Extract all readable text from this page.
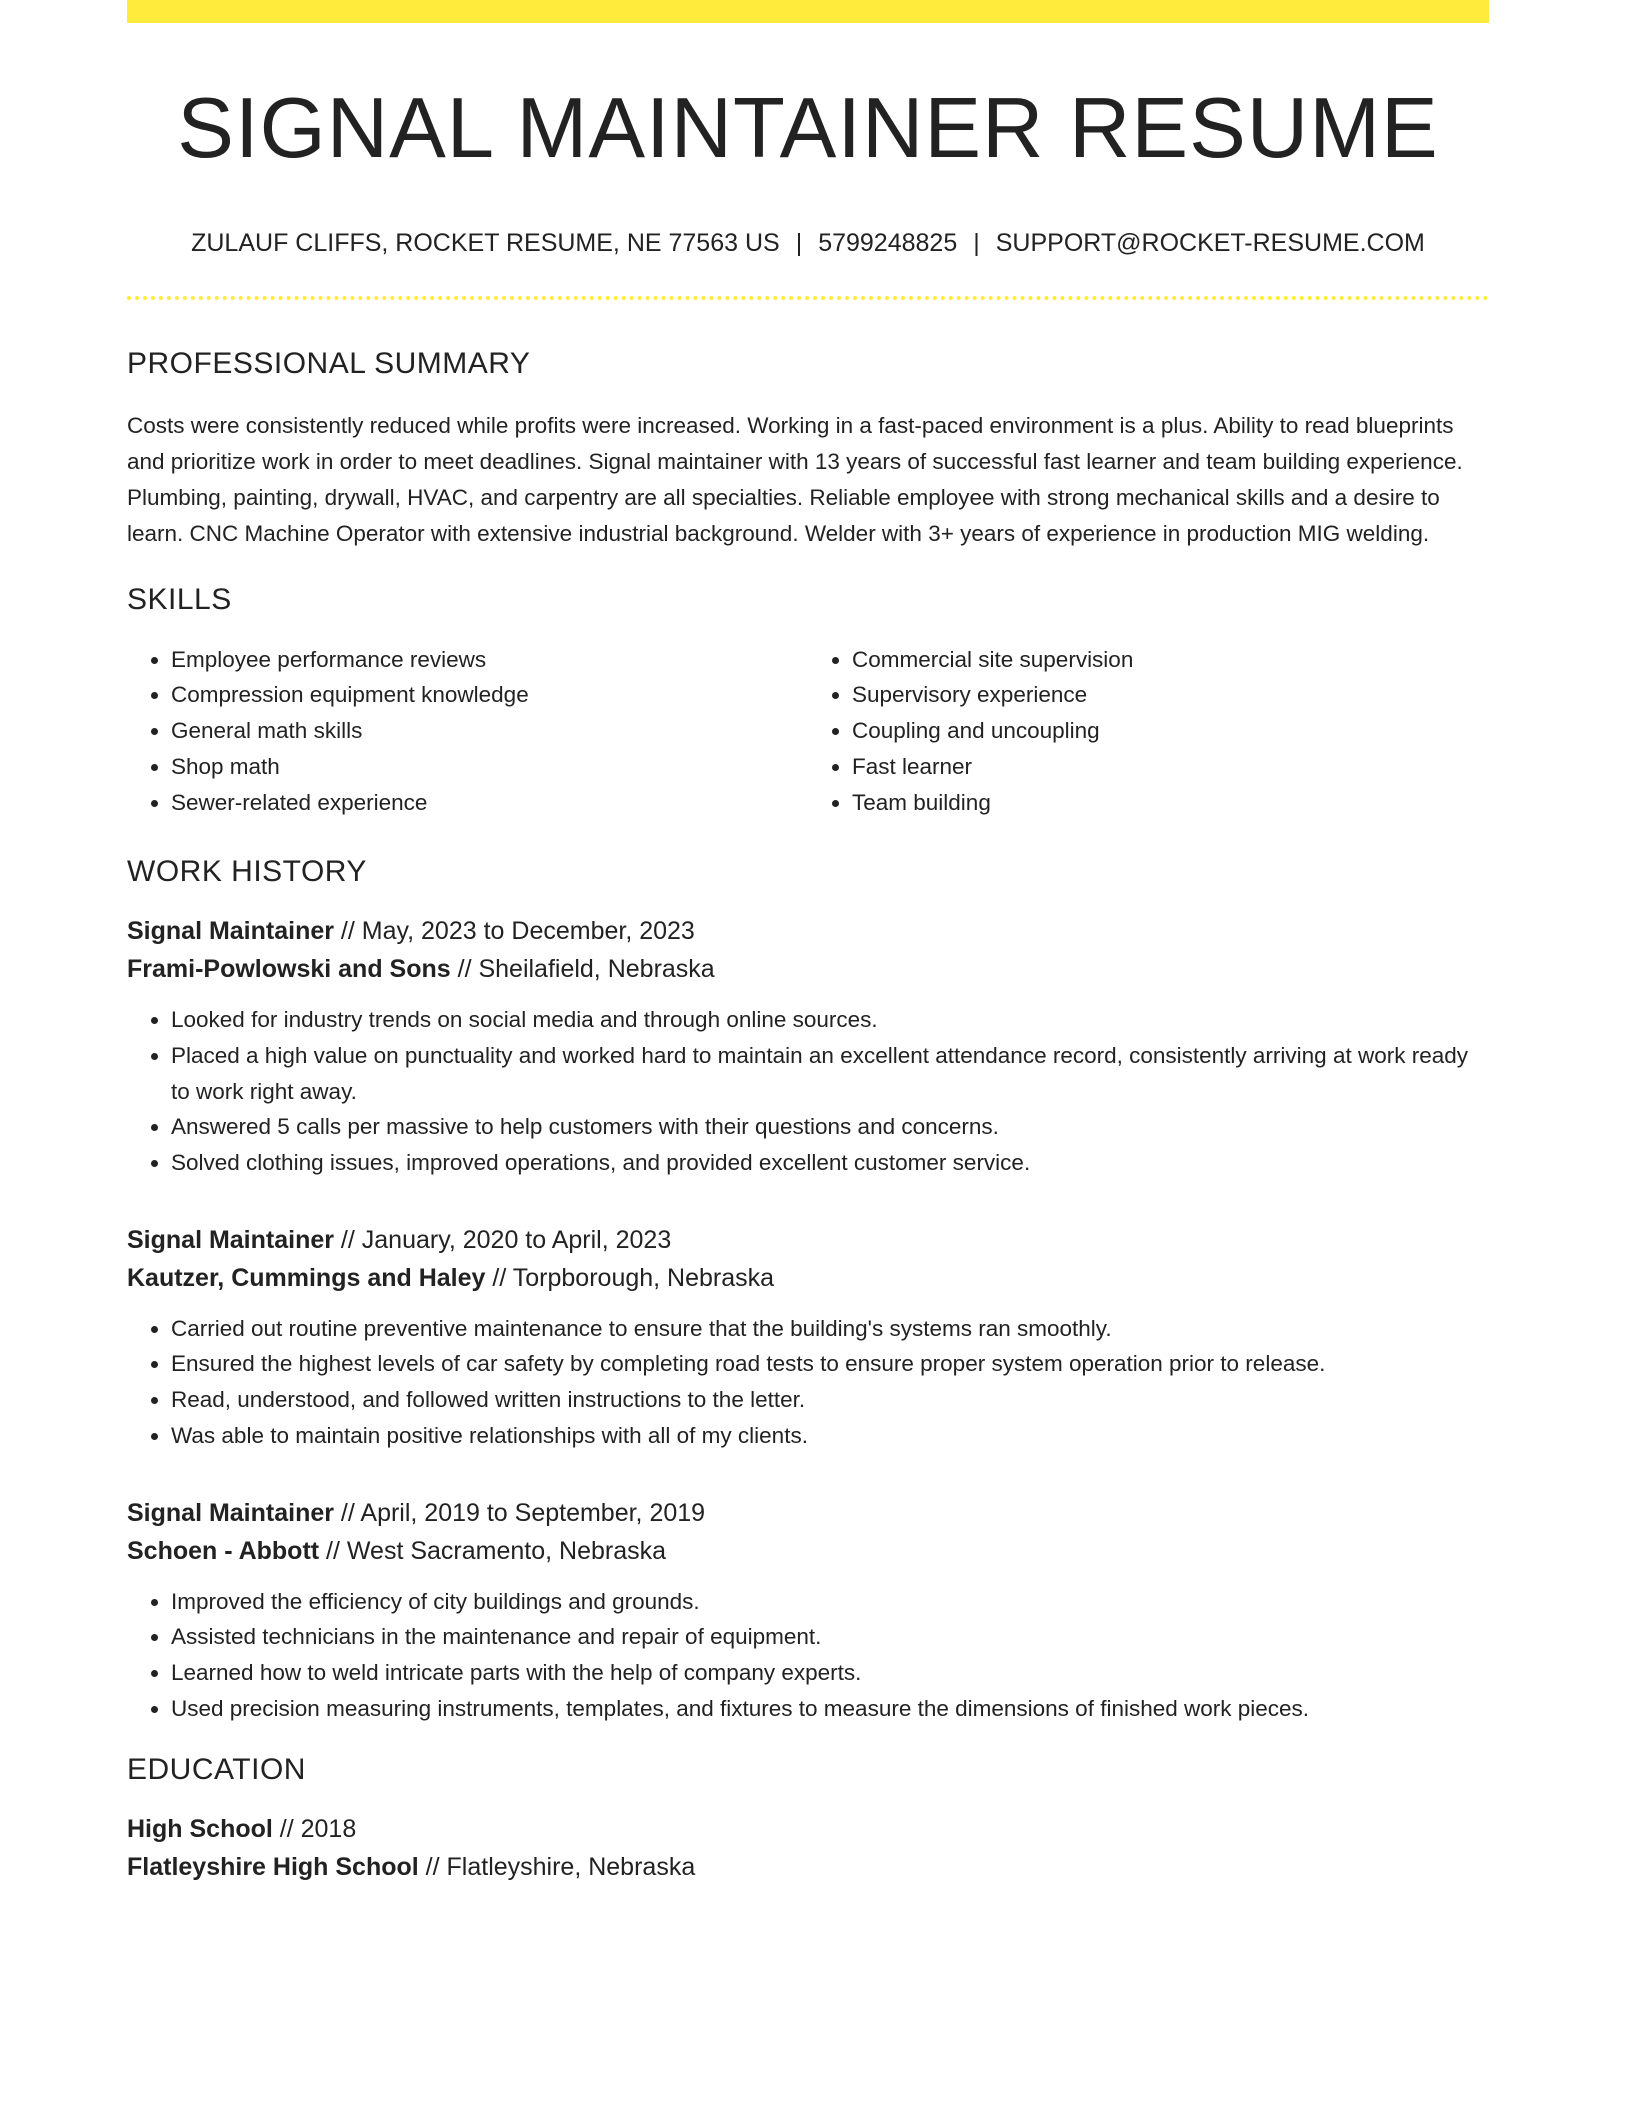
SIGNAL MAINTAINER RESUME
ZULAUF CLIFFS, ROCKET RESUME, NE 77563 US | 5799248825 | SUPPORT@ROCKET-RESUME.COM
PROFESSIONAL SUMMARY

Costs were consistently reduced while profits were increased. Working in a fast-paced environment is a plus. Ability to read blueprints and prioritize work in order to meet deadlines. Signal maintainer with 13 years of successful fast learner and team building experience. Plumbing, painting, drywall, HVAC, and carpentry are all specialties. Reliable employee with strong mechanical skills and a desire to learn. CNC Machine Operator with extensive industrial background. Welder with 3+ years of experience in production MIG welding.

SKILLS
• Employee performance reviews
• Compression equipment knowledge
• General math skills
• Shop math
• Sewer-related experience
• Commercial site supervision
• Supervisory experience
• Coupling and uncoupling
• Fast learner
• Team building
WORK HISTORY
Signal Maintainer // May, 2023 to December, 2023
Frami-Powlowski and Sons // Sheilafield, Nebraska
• Looked for industry trends on social media and through online sources.
• Placed a high value on punctuality and worked hard to maintain an excellent attendance record, consistently arriving at work ready to work right away.
• Answered 5 calls per massive to help customers with their questions and concerns.
• Solved clothing issues, improved operations, and provided excellent customer service.
Signal Maintainer // January, 2020 to April, 2023
Kautzer, Cummings and Haley // Torpborough, Nebraska
• Carried out routine preventive maintenance to ensure that the building's systems ran smoothly.
• Ensured the highest levels of car safety by completing road tests to ensure proper system operation prior to release.
• Read, understood, and followed written instructions to the letter.
• Was able to maintain positive relationships with all of my clients.
Signal Maintainer // April, 2019 to September, 2019
Schoen - Abbott // West Sacramento, Nebraska
• Improved the efficiency of city buildings and grounds.
• Assisted technicians in the maintenance and repair of equipment.
• Learned how to weld intricate parts with the help of company experts.
• Used precision measuring instruments, templates, and fixtures to measure the dimensions of finished work pieces.
EDUCATION
High School // 2018
Flatleyshire High School // Flatleyshire, Nebraska
